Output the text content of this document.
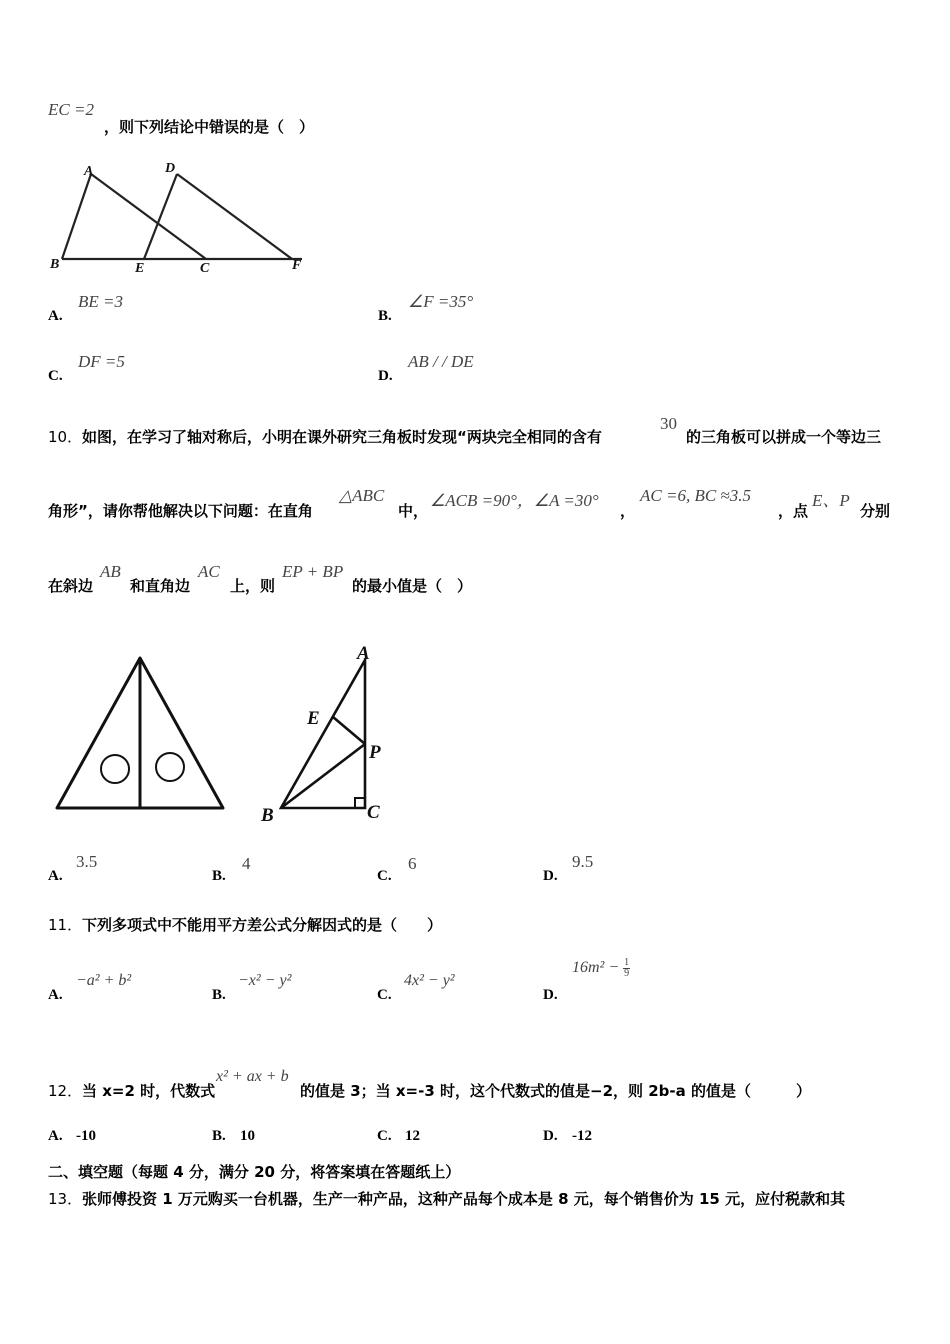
EC =2
，则下列结论中错误的是（　）
A	D
B	E	C	F
A.
BE =3
B.
∠F =35°
C.
DF =5
D.
AB / / DE
10． 如图，在学习了轴对称后，小明在课外研究三角板时发现“两块完全相同的含有
30
的三角板可以拼成一个等边三
角形”，请你帮他解决以下问题：在直角
△ABC
中，
∠ACB =90°，∠A =30°
，
AC =6, BC ≈3.5
，点
E、P
分别
在斜边
AB
和直角边
AC
上，则
EP + BP
的最小值是（　）
A
E
P
B	C
A.
3.5
B.
4
C.
6
D.
9.5
11． 下列多项式中不能用平方差公式分解因式的是（　　）
A.
−a² + b²
B.
−x² − y²
C.
4x² − y²
D.
$16m^2 - \frac{1}{9}$
12． 当 x=2 时，代数式
x² + ax + b
的值是 3；当 x=-3 时，这个代数式的值是−2，则 2b-a 的值是（　　　）
A. -10	B. 10	C. 12	D. -12
二、填空题（每题 4 分，满分 20 分，将答案填在答题纸上）
13． 张师傅投资 1 万元购买一台机器，生产一种产品，这种产品每个成本是 8 元，每个销售价为 15 元，应付税款和其
